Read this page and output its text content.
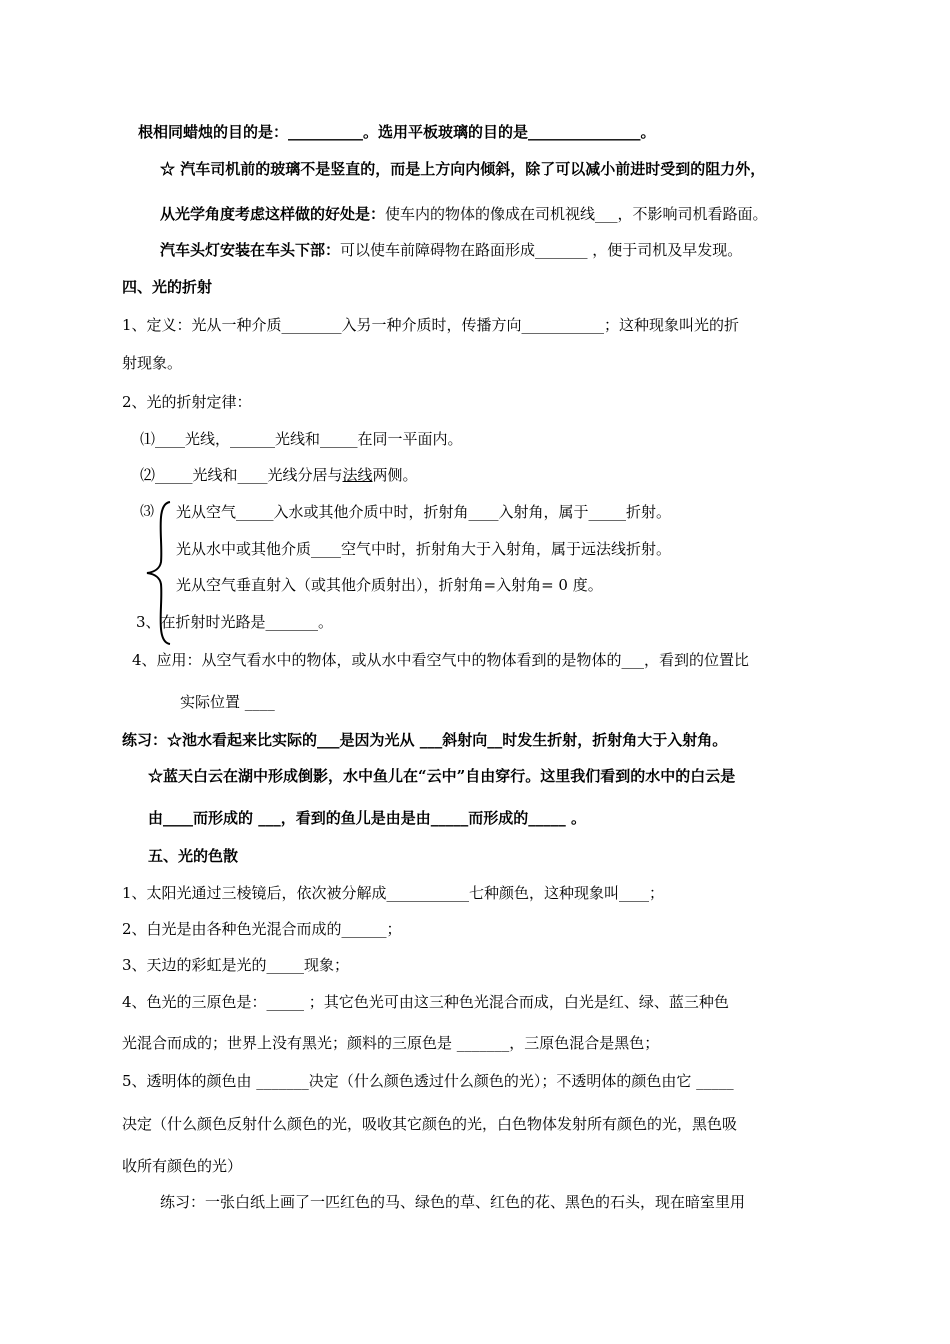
根相同蜡烛的目的是：__________。选用平板玻璃的目的是_______________。
☆ 汽车司机前的玻璃不是竖直的，而是上方向内倾斜，除了可以减小前进时受到的阻力外，
从光学角度考虑这样做的好处是：使车内的物体的像成在司机视线___，不影响司机看路面。
汽车头灯安装在车头下部：可以使车前障碍物在路面形成_______ ，便于司机及早发现。
四、光的折射
1、定义：光从一种介质________入另一种介质时，传播方向___________；这种现象叫光的折
射现象。
2、光的折射定律：
⑴____光线，______光线和_____在同一平面内。
⑵_____光线和____光线分居与法线两侧。
⑶ 光从空气_____入水或其他介质中时，折射角____入射角，属于_____折射。
光从水中或其他介质____空气中时，折射角大于入射角，属于远法线折射。
光从空气垂直射入（或其他介质射出），折射角=入射角= 0 度。
3、在折射时光路是_______。
4、应用：从空气看水中的物体，或从水中看空气中的物体看到的是物体的___，看到的位置比
实际位置 ____
练习：☆池水看起来比实际的___是因为光从 ___斜射向__时发生折射，折射角大于入射角。
☆蓝天白云在湖中形成倒影，水中鱼儿在“云中”自由穿行。这里我们看到的水中的白云是
由____而形成的 ___，看到的鱼儿是由是由_____而形成的_____ 。
五、光的色散
1、太阳光通过三棱镜后，依次被分解成___________七种颜色，这种现象叫____；
2、白光是由各种色光混合而成的______；
3、天边的彩虹是光的_____现象；
4、色光的三原色是：_____ ；其它色光可由这三种色光混合而成，白光是红、绿、蓝三种色
光混合而成的；世界上没有黑光；颜料的三原色是 _______，三原色混合是黑色；
5、透明体的颜色由 _______决定（什么颜色透过什么颜色的光）；不透明体的颜色由它 _____
决定（什么颜色反射什么颜色的光，吸收其它颜色的光，白色物体发射所有颜色的光，黑色吸
收所有颜色的光）
练习：一张白纸上画了一匹红色的马、绿色的草、红色的花、黑色的石头，现在暗室里用
